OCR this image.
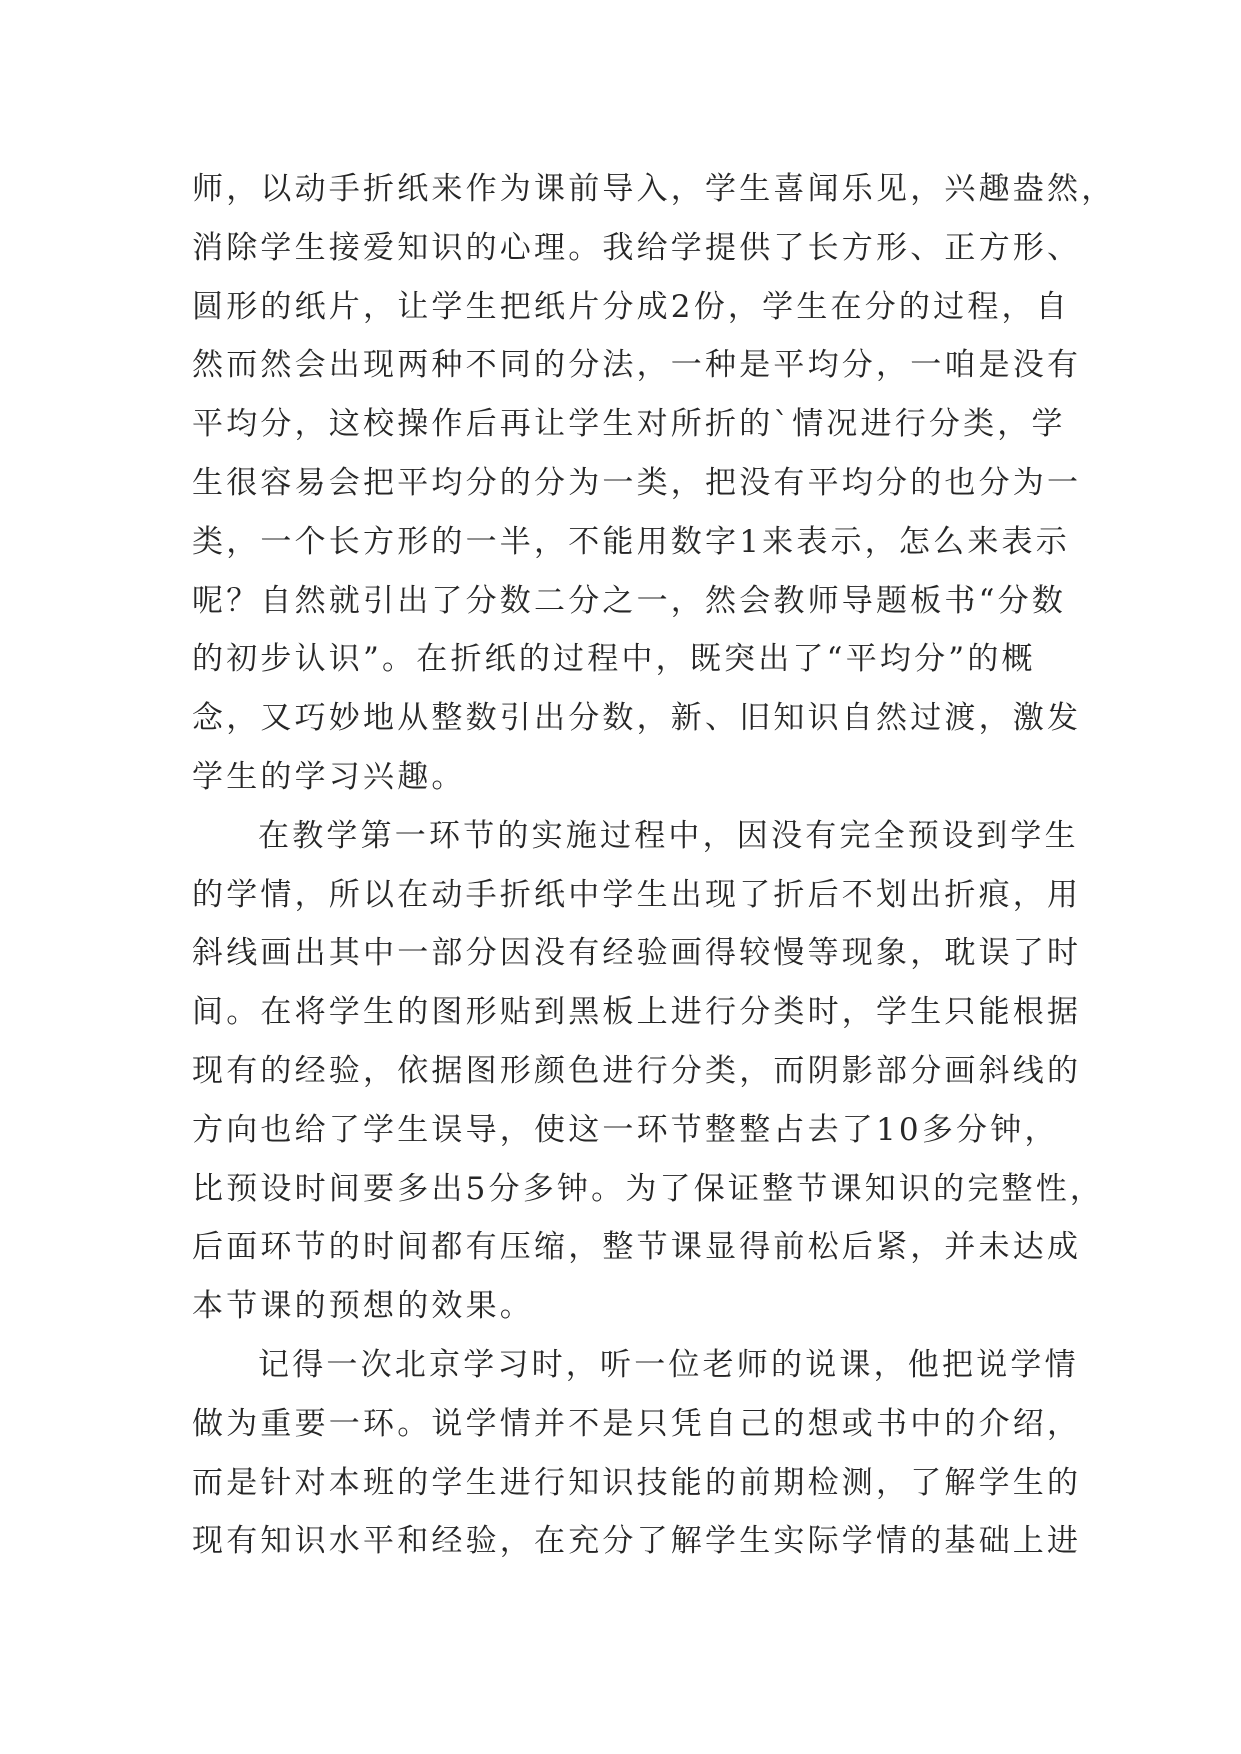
师，以动手折纸来作为课前导入，学生喜闻乐见，兴趣盎然，
消除学生接爱知识的心理。我给学提供了长方形、正方形、
圆形的纸片，让学生把纸片分成2份，学生在分的过程，自
然而然会出现两种不同的分法，一种是平均分，一咱是没有
平均分，这校操作后再让学生对所折的`情况进行分类，学
生很容易会把平均分的分为一类，把没有平均分的也分为一
类，一个长方形的一半，不能用数字1来表示，怎么来表示
呢？自然就引出了分数二分之一，然会教师导题板书“分数
的初步认识”。在折纸的过程中，既突出了“平均分”的概
念，又巧妙地从整数引出分数，新、旧知识自然过渡，激发
学生的学习兴趣。
在教学第一环节的实施过程中，因没有完全预设到学生
的学情，所以在动手折纸中学生出现了折后不划出折痕，用
斜线画出其中一部分因没有经验画得较慢等现象，耽误了时
间。在将学生的图形贴到黑板上进行分类时，学生只能根据
现有的经验，依据图形颜色进行分类，而阴影部分画斜线的
方向也给了学生误导，使这一环节整整占去了10多分钟，
比预设时间要多出5分多钟。为了保证整节课知识的完整性，
后面环节的时间都有压缩，整节课显得前松后紧，并未达成
本节课的预想的效果。
记得一次北京学习时，听一位老师的说课，他把说学情
做为重要一环。说学情并不是只凭自己的想或书中的介绍，
而是针对本班的学生进行知识技能的前期检测，了解学生的
现有知识水平和经验，在充分了解学生实际学情的基础上进
